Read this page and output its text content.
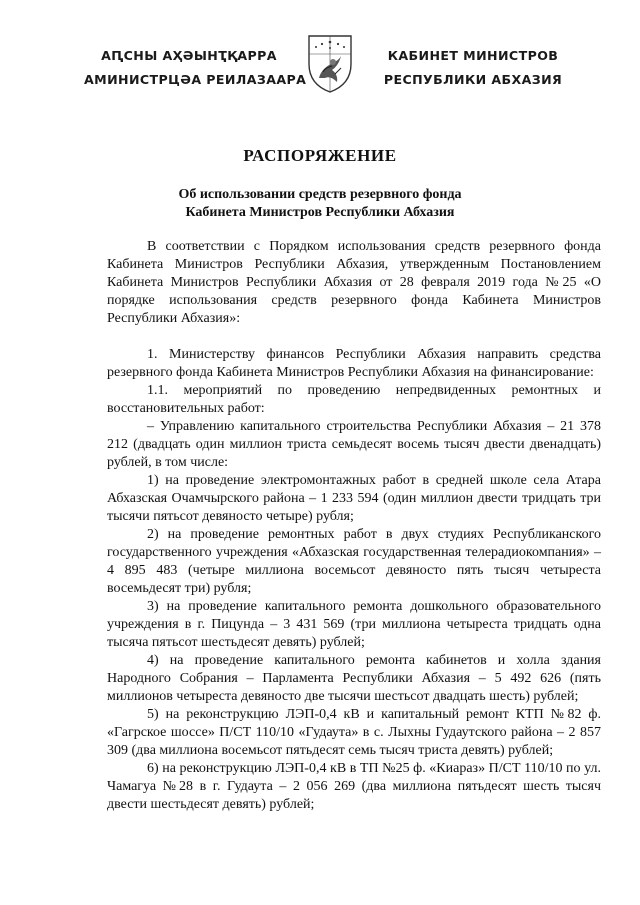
АԤСНЫ АҲӘЫНҬҚАРРА
АМИНИСТРЦӘА РЕИЛАЗААРА
КАБИНЕТ МИНИСТРОВ
РЕСПУБЛИКИ АБХАЗИЯ
РАСПОРЯЖЕНИЕ
Об использовании средств резервного фонда
Кабинета Министров Республики Абхазия

В соответствии с Порядком использования средств резервного фонда Кабинета Министров Республики Абхазия, утвержденным Постановлением Кабинета Министров Республики Абхазия от 28 февраля 2019 года №25 «О порядке использования средств резервного фонда Кабинета Министров Республики Абхазия»:

1. Министерству финансов Республики Абхазия направить средства резервного фонда Кабинета Министров Республики Абхазия на финансирование:

1.1. мероприятий по проведению непредвиденных ремонтных и восстановительных работ:

– Управлению капитального строительства Республики Абхазия – 21 378 212 (двадцать один миллион триста семьдесят восемь тысяч двести двенадцать) рублей, в том числе:

1) на проведение электромонтажных работ в средней школе села Атара Абхазская Очамчырского района – 1 233 594 (один миллион двести тридцать три тысячи пятьсот девяносто четыре) рубля;

2) на проведение ремонтных работ в двух студиях Республиканского государственного учреждения «Абхазская государственная телерадиокомпания» – 4 895 483 (четыре миллиона восемьсот девяносто пять тысяч четыреста восемьдесят три) рубля;

3) на проведение капитального ремонта дошкольного образовательного учреждения в г. Пицунда – 3 431 569 (три миллиона четыреста тридцать одна тысяча пятьсот шестьдесят девять) рублей;

4) на проведение капитального ремонта кабинетов и холла здания Народного Собрания – Парламента Республики Абхазия – 5 492 626 (пять миллионов четыреста девяносто две тысячи шестьсот двадцать шесть) рублей;

5) на реконструкцию ЛЭП-0,4 кВ и капитальный ремонт КТП №82 ф. «Гагрское шоссе» П/СТ 110/10 «Гудаута» в с. Лыхны Гудаутского района – 2 857 309 (два миллиона восемьсот пятьдесят семь тысяч триста девять) рублей;

6) на реконструкцию ЛЭП-0,4 кВ в ТП №25 ф. «Киараз» П/СТ 110/10 по ул. Чамагуа №28 в г. Гудаута – 2 056 269 (два миллиона пятьдесят шесть тысяч двести шестьдесят девять) рублей;
